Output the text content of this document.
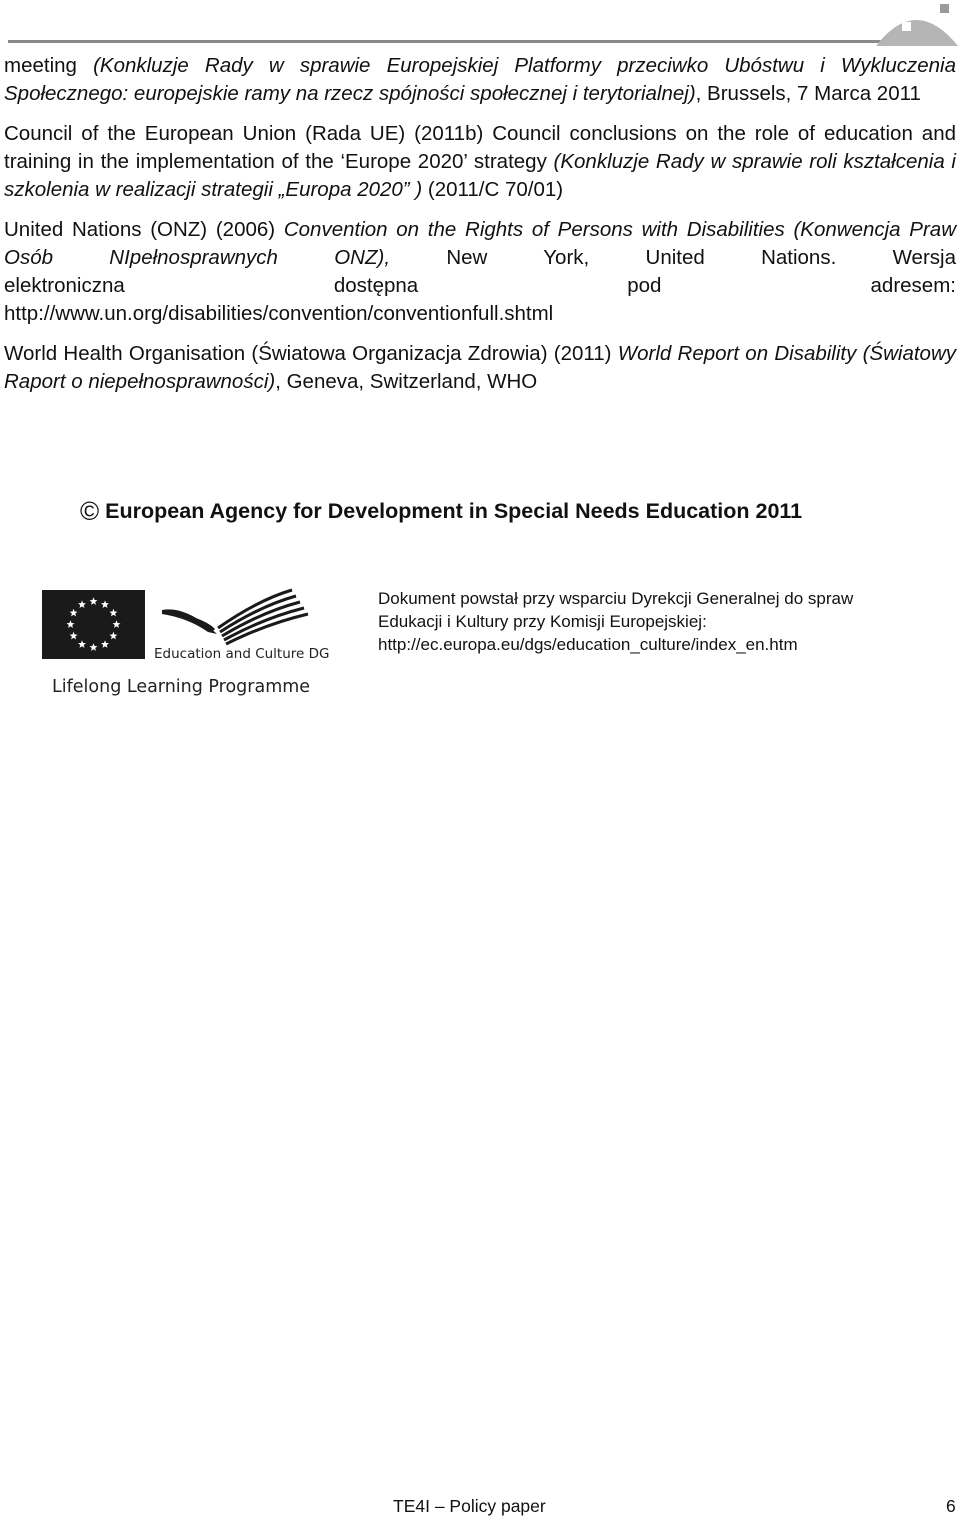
meeting (Konkluzje Rady w sprawie Europejskiej Platformy przeciwko Ubóstwu i Wykluczenia Społecznego: europejskie ramy na rzecz spójności społecznej i terytorialnej), Brussels, 7 Marca 2011

Council of the European Union (Rada UE) (2011b) Council conclusions on the role of education and training in the implementation of the ‘Europe 2020’ strategy (Konkluzje Rady w sprawie roli kształcenia i szkolenia w realizacji strategii „Europa 2020” ) (2011/C 70/01)

United Nations (ONZ) (2006) Convention on the Rights of Persons with Disabilities (Konwencja Praw Osób NIpełnosprawnych ONZ), New York, United Nations. Wersja
elektroniczna	dostępna	pod	adresem:
http://www.un.org/disabilities/convention/conventionfull.shtml

World Health Organisation (Światowa Organizacja Zdrowia) (2011) World Report on Disability (Światowy Raport o niepełnosprawności), Geneva, Switzerland, WHO

© European Agency for Development in Special Needs Education 2011
Education and Culture DG
Lifelong Learning Programme
Dokument powstał przy wsparciu Dyrekcji Generalnej do spraw
Edukacji i Kultury przy Komisji Europejskiej:
http://ec.europa.eu/dgs/education_culture/index_en.htm
TE4I – Policy paper	6
